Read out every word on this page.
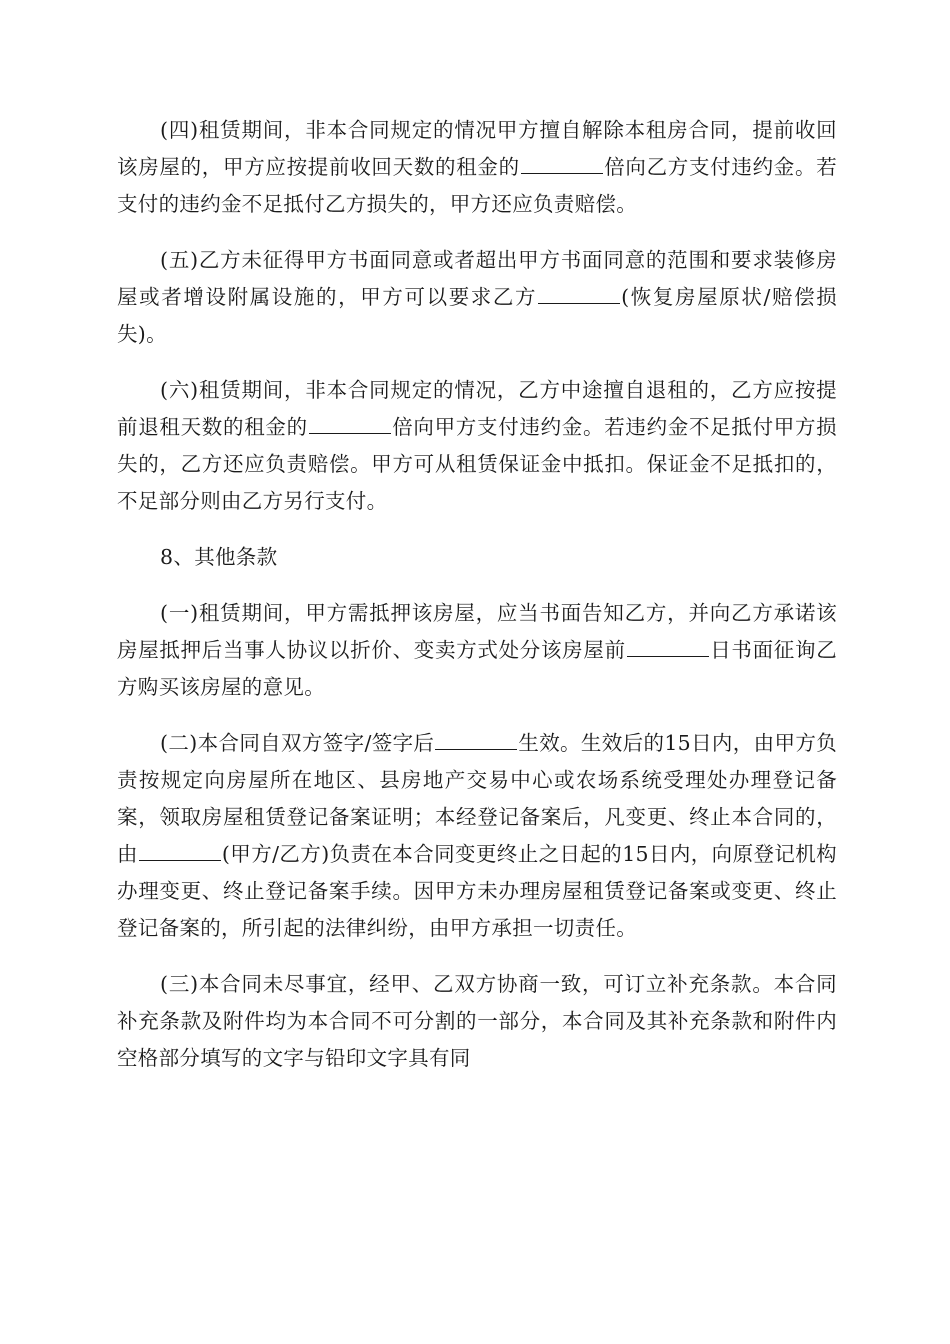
(四)租赁期间，非本合同规定的情况甲方擅自解除本租房合同，提前收回该房屋的，甲方应按提前收回天数的租金的	倍向乙方支付违约金。若支付的违约金不足抵付乙方损失的，甲方还应负责赔偿。

(五)乙方未征得甲方书面同意或者超出甲方书面同意的范围和要求装修房屋或者增设附属设施的，甲方可以要求乙方	(恢复房屋原状/赔偿损失)。

(六)租赁期间，非本合同规定的情况，乙方中途擅自退租的，乙方应按提前退租天数的租金的	倍向甲方支付违约金。若违约金不足抵付甲方损失的，乙方还应负责赔偿。甲方可从租赁保证金中抵扣。保证金不足抵扣的，不足部分则由乙方另行支付。

8、其他条款

(一)租赁期间，甲方需抵押该房屋，应当书面告知乙方，并向乙方承诺该房屋抵押后当事人协议以折价、变卖方式处分该房屋前	日书面征询乙方购买该房屋的意见。

(二)本合同自双方签字/签字后	生效。生效后的15日内，由甲方负责按规定向房屋所在地区、县房地产交易中心或农场系统受理处办理登记备案，领取房屋租赁登记备案证明；本经登记备案后，凡变更、终止本合同的，由	(甲方/乙方)负责在本合同变更终止之日起的15日内，向原登记机构办理变更、终止登记备案手续。因甲方未办理房屋租赁登记备案或变更、终止登记备案的，所引起的法律纠纷，由甲方承担一切责任。

(三)本合同未尽事宜，经甲、乙双方协商一致，可订立补充条款。本合同补充条款及附件均为本合同不可分割的一部分，本合同及其补充条款和附件内空格部分填写的文字与铅印文字具有同
